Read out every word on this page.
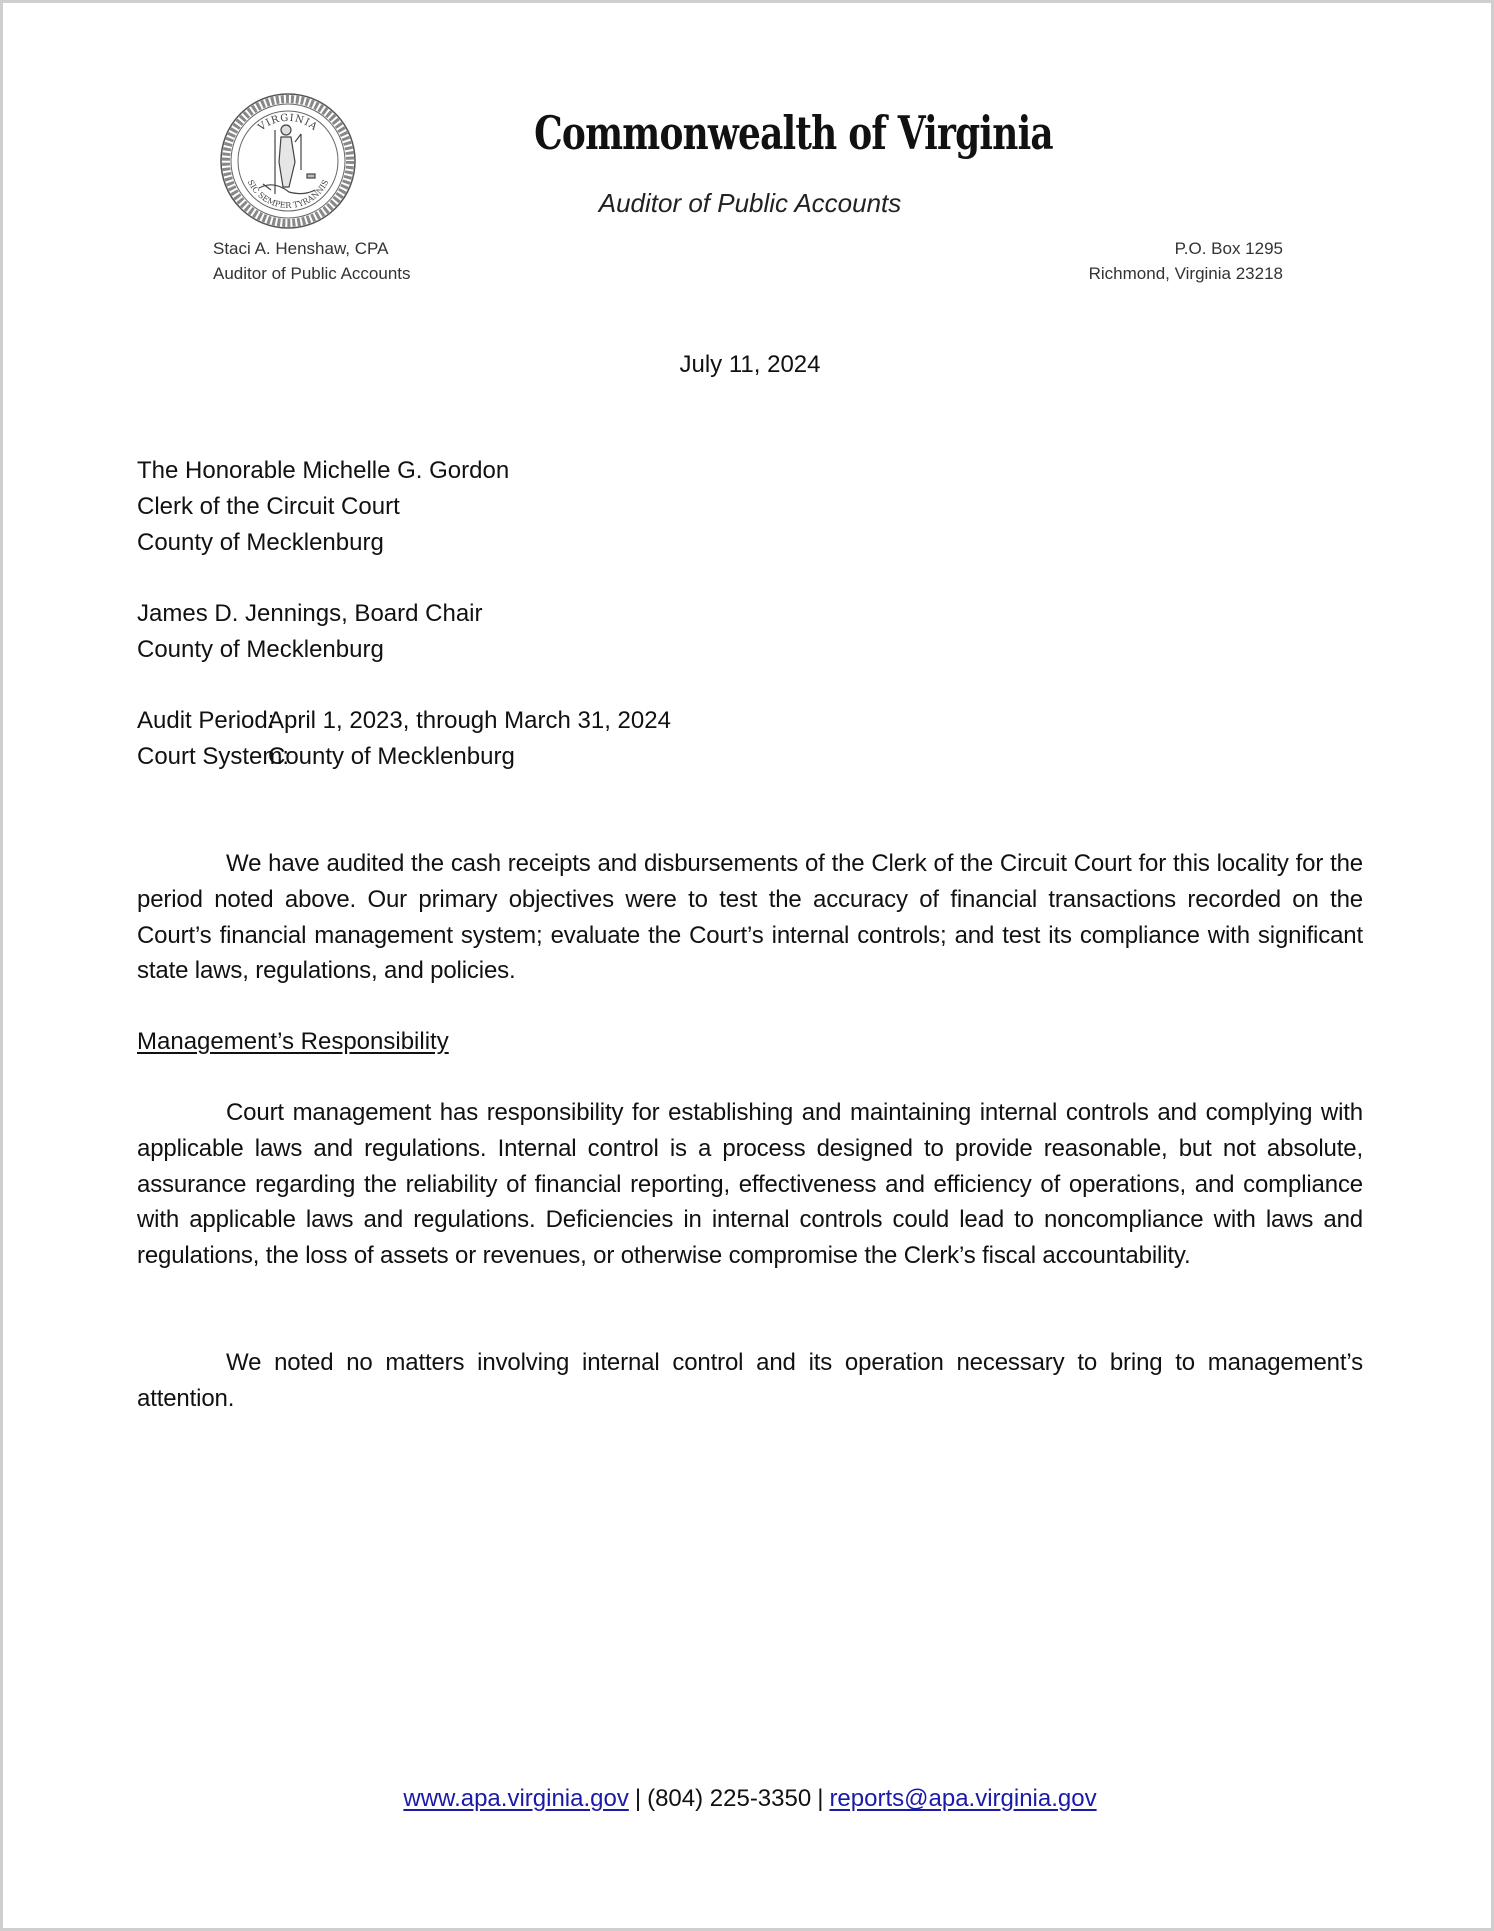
VIRGINIA
SIC SEMPER TYRANNIS
Commonwealth of Virginia
Auditor of Public Accounts
Staci A. Henshaw, CPA
Auditor of Public Accounts
P.O. Box 1295
Richmond, Virginia 23218
July 11, 2024
The Honorable Michelle G. Gordon
Clerk of the Circuit Court
County of Mecklenburg
James D. Jennings, Board Chair
County of Mecklenburg
Audit Period:
April 1, 2023, through March 31, 2024
Court System:
County of Mecklenburg

We have audited the cash receipts and disbursements of the Clerk of the Circuit Court for this locality for the period noted above. Our primary objectives were to test the accuracy of financial transactions recorded on the Court’s financial management system; evaluate the Court’s internal controls; and test its compliance with significant state laws, regulations, and policies.

Management’s Responsibility

Court management has responsibility for establishing and maintaining internal controls and complying with applicable laws and regulations. Internal control is a process designed to provide reasonable, but not absolute, assurance regarding the reliability of financial reporting, effectiveness and efficiency of operations, and compliance with applicable laws and regulations. Deficiencies in internal controls could lead to noncompliance with laws and regulations, the loss of assets or revenues, or otherwise compromise the Clerk’s fiscal accountability.

We noted no matters involving internal control and its operation necessary to bring to management’s attention.

www.apa.virginia.gov | (804) 225-3350 | reports@apa.virginia.gov
